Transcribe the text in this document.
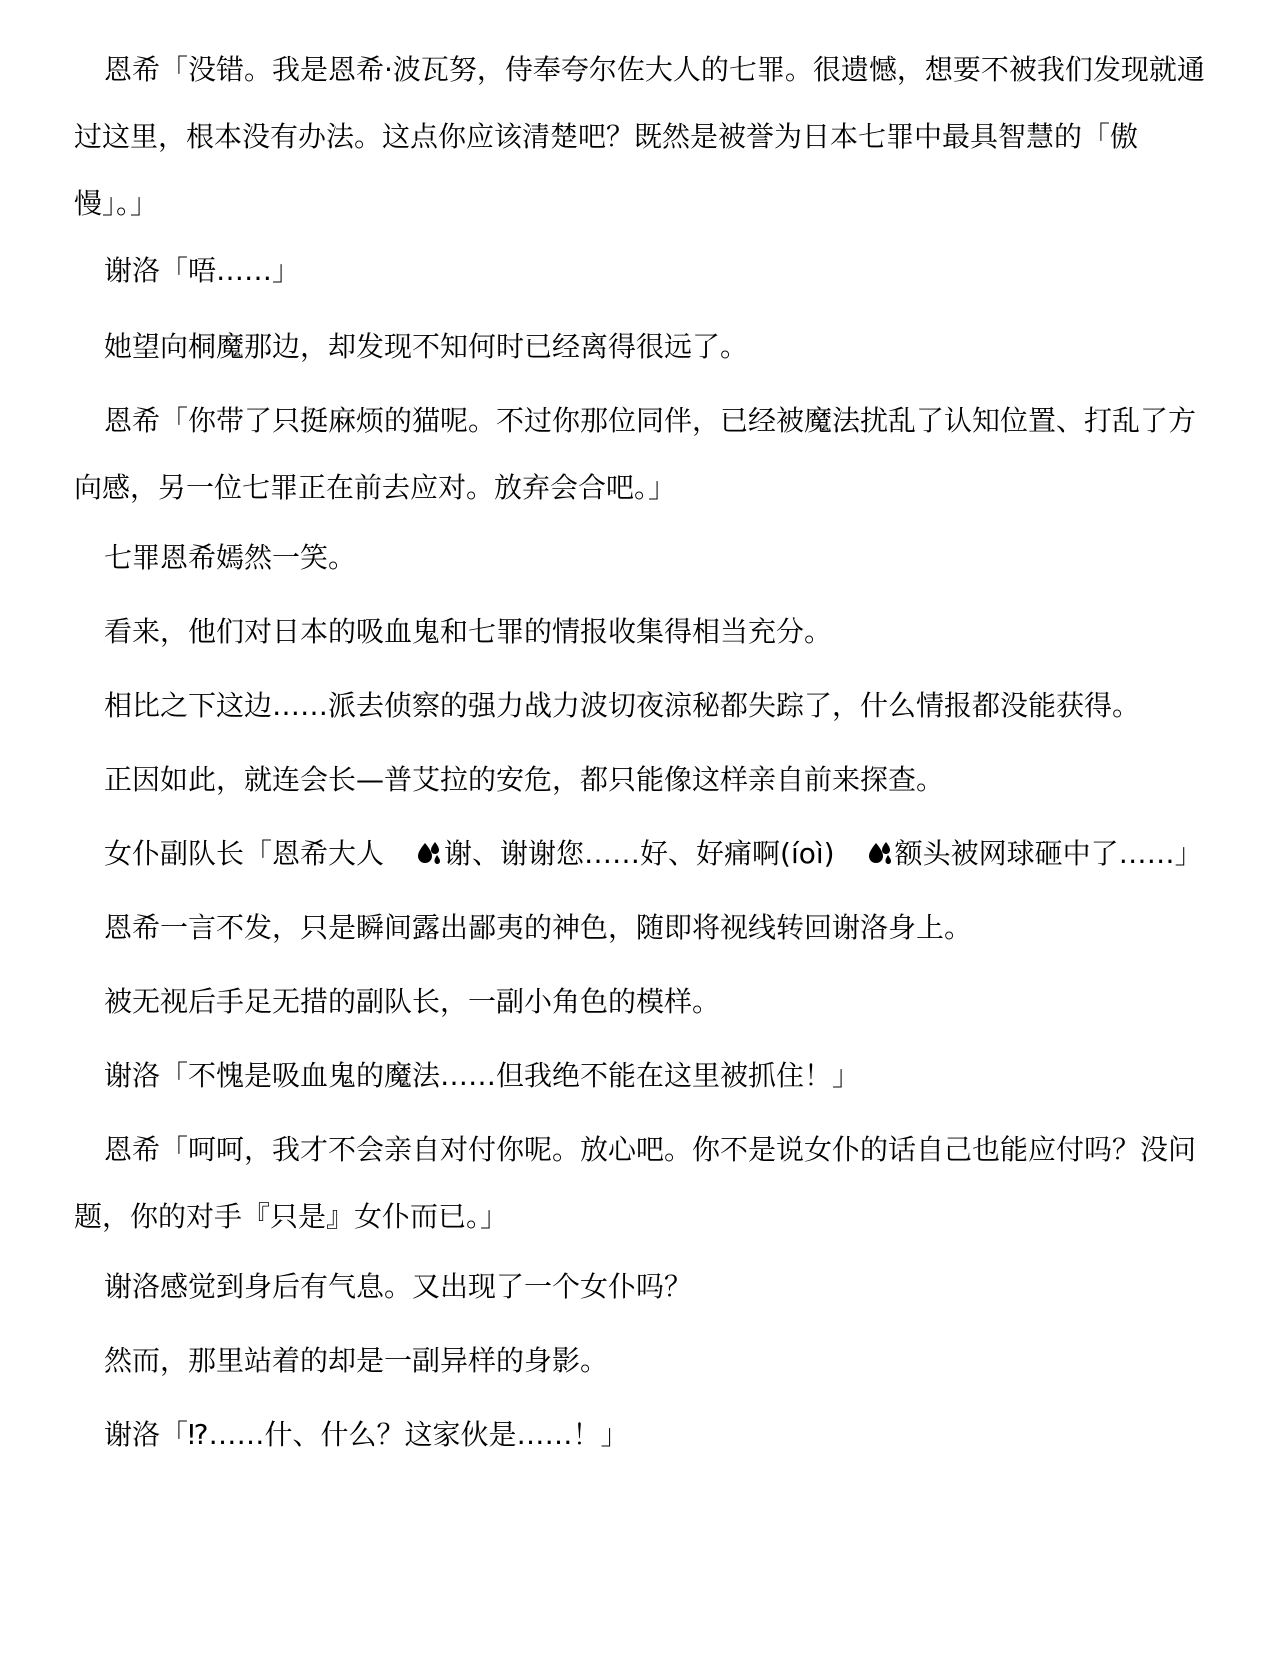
恩希「没错。我是恩希·波瓦努，侍奉夸尔佐大人的七罪。很遗憾，想要不被我们发现就通过这里，根本没有办法。这点你应该清楚吧？既然是被誉为日本七罪中最具智慧的「傲慢」。」

谢洛「唔……」

她望向桐魔那边，却发现不知何时已经离得很远了。

恩希「你带了只挺麻烦的猫呢。不过你那位同伴，已经被魔法扰乱了认知位置、打乱了方向感，另一位七罪正在前去应对。放弃会合吧。」

七罪恩希嫣然一笑。

看来，他们对日本的吸血鬼和七罪的情报收集得相当充分。

相比之下这边……派去侦察的强力战力波切夜涼秘都失踪了，什么情报都没能获得。

正因如此，就连会长—普艾拉的安危，都只能像这样亲自前来探查。

女仆副队长「恩希大人 谢、谢谢您……好、好痛啊(íoì) 额头被网球砸中了……」

恩希一言不发，只是瞬间露出鄙夷的神色，随即将视线转回谢洛身上。

被无视后手足无措的副队长，一副小角色的模样。

谢洛「不愧是吸血鬼的魔法……但我绝不能在这里被抓住！」

恩希「呵呵，我才不会亲自对付你呢。放心吧。你不是说女仆的话自己也能应付吗？没问题，你的对手『只是』女仆而已。」

谢洛感觉到身后有气息。又出现了一个女仆吗？

然而，那里站着的却是一副异样的身影。

谢洛「⁉……什、什么？这家伙是……！」
